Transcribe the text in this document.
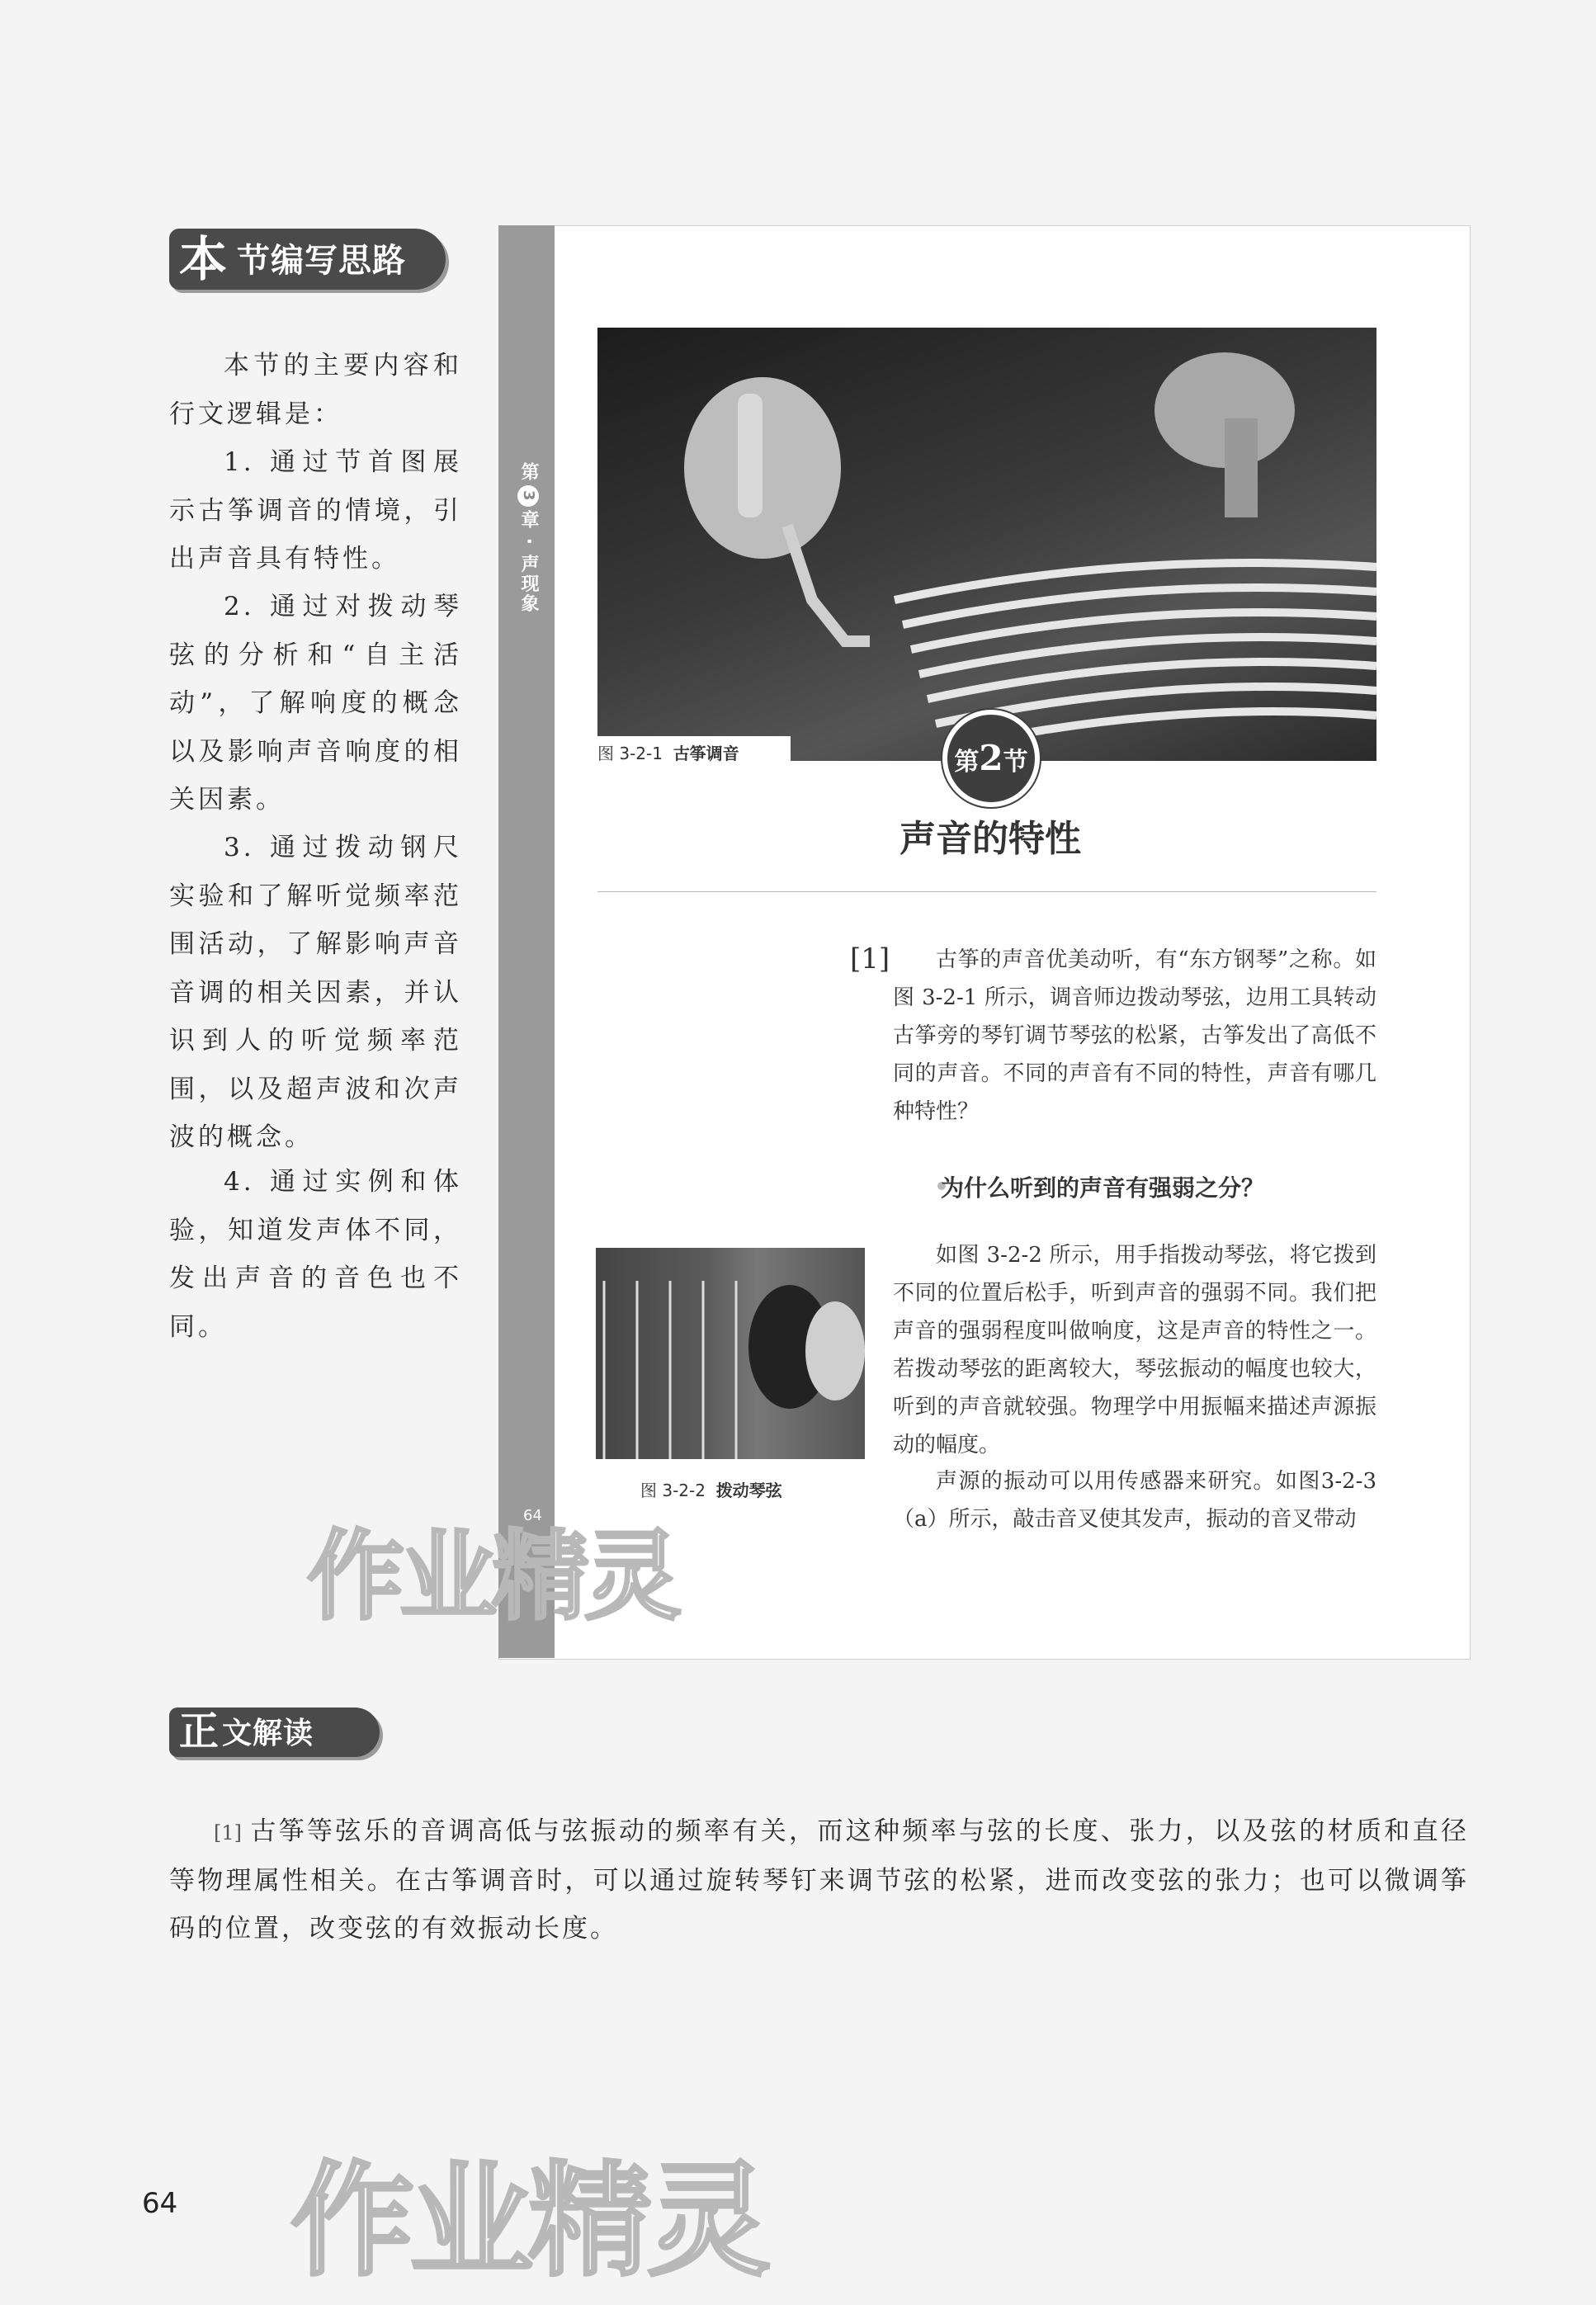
本 节编写思路
本节的主要内容和行文逻辑是：
1. 通过节首图展示古筝调音的情境，引出声音具有特性。
2. 通过对拨动琴弦的分析和“自主活动”，了解响度的概念以及影响声音响度的相关因素。
3. 通过拨动钢尺实验和了解听觉频率范围活动，了解影响声音音调的相关因素，并认识到人的听觉频率范围，以及超声波和次声波的概念。
4. 通过实例和体验，知道发声体不同，发出声音的音色也不同。
第3章 · 声现象
64
图 3-2-1 古筝调音	第2节
声音的特性
[1]	古筝的声音优美动听，有“东方钢琴”之称。如图 3-2-1 所示，调音师边拨动琴弦，边用工具转动古筝旁的琴钉调节琴弦的松紧，古筝发出了高低不同的声音。不同的声音有不同的特性，声音有哪几种特性？
为什么听到的声音有强弱之分？
图 3-2-2 拨动琴弦
如图 3-2-2 所示，用手指拨动琴弦，将它拨到不同的位置后松手，听到声音的强弱不同。我们把声音的强弱程度叫做响度，这是声音的特性之一。若拨动琴弦的距离较大，琴弦振动的幅度也较大，听到的声音就较强。物理学中用振幅来描述声源振动的幅度。
声源的振动可以用传感器来研究。如图3-2-3（a）所示，敲击音叉使其发声，振动的音叉带动
作业精灵
作业精灵
正 文解读
[1] 古筝等弦乐的音调高低与弦振动的频率有关，而这种频率与弦的长度、张力，以及弦的材质和直径等物理属性相关。在古筝调音时，可以通过旋转琴钉来调节弦的松紧，进而改变弦的张力；也可以微调筝码的位置，改变弦的有效振动长度。
64
